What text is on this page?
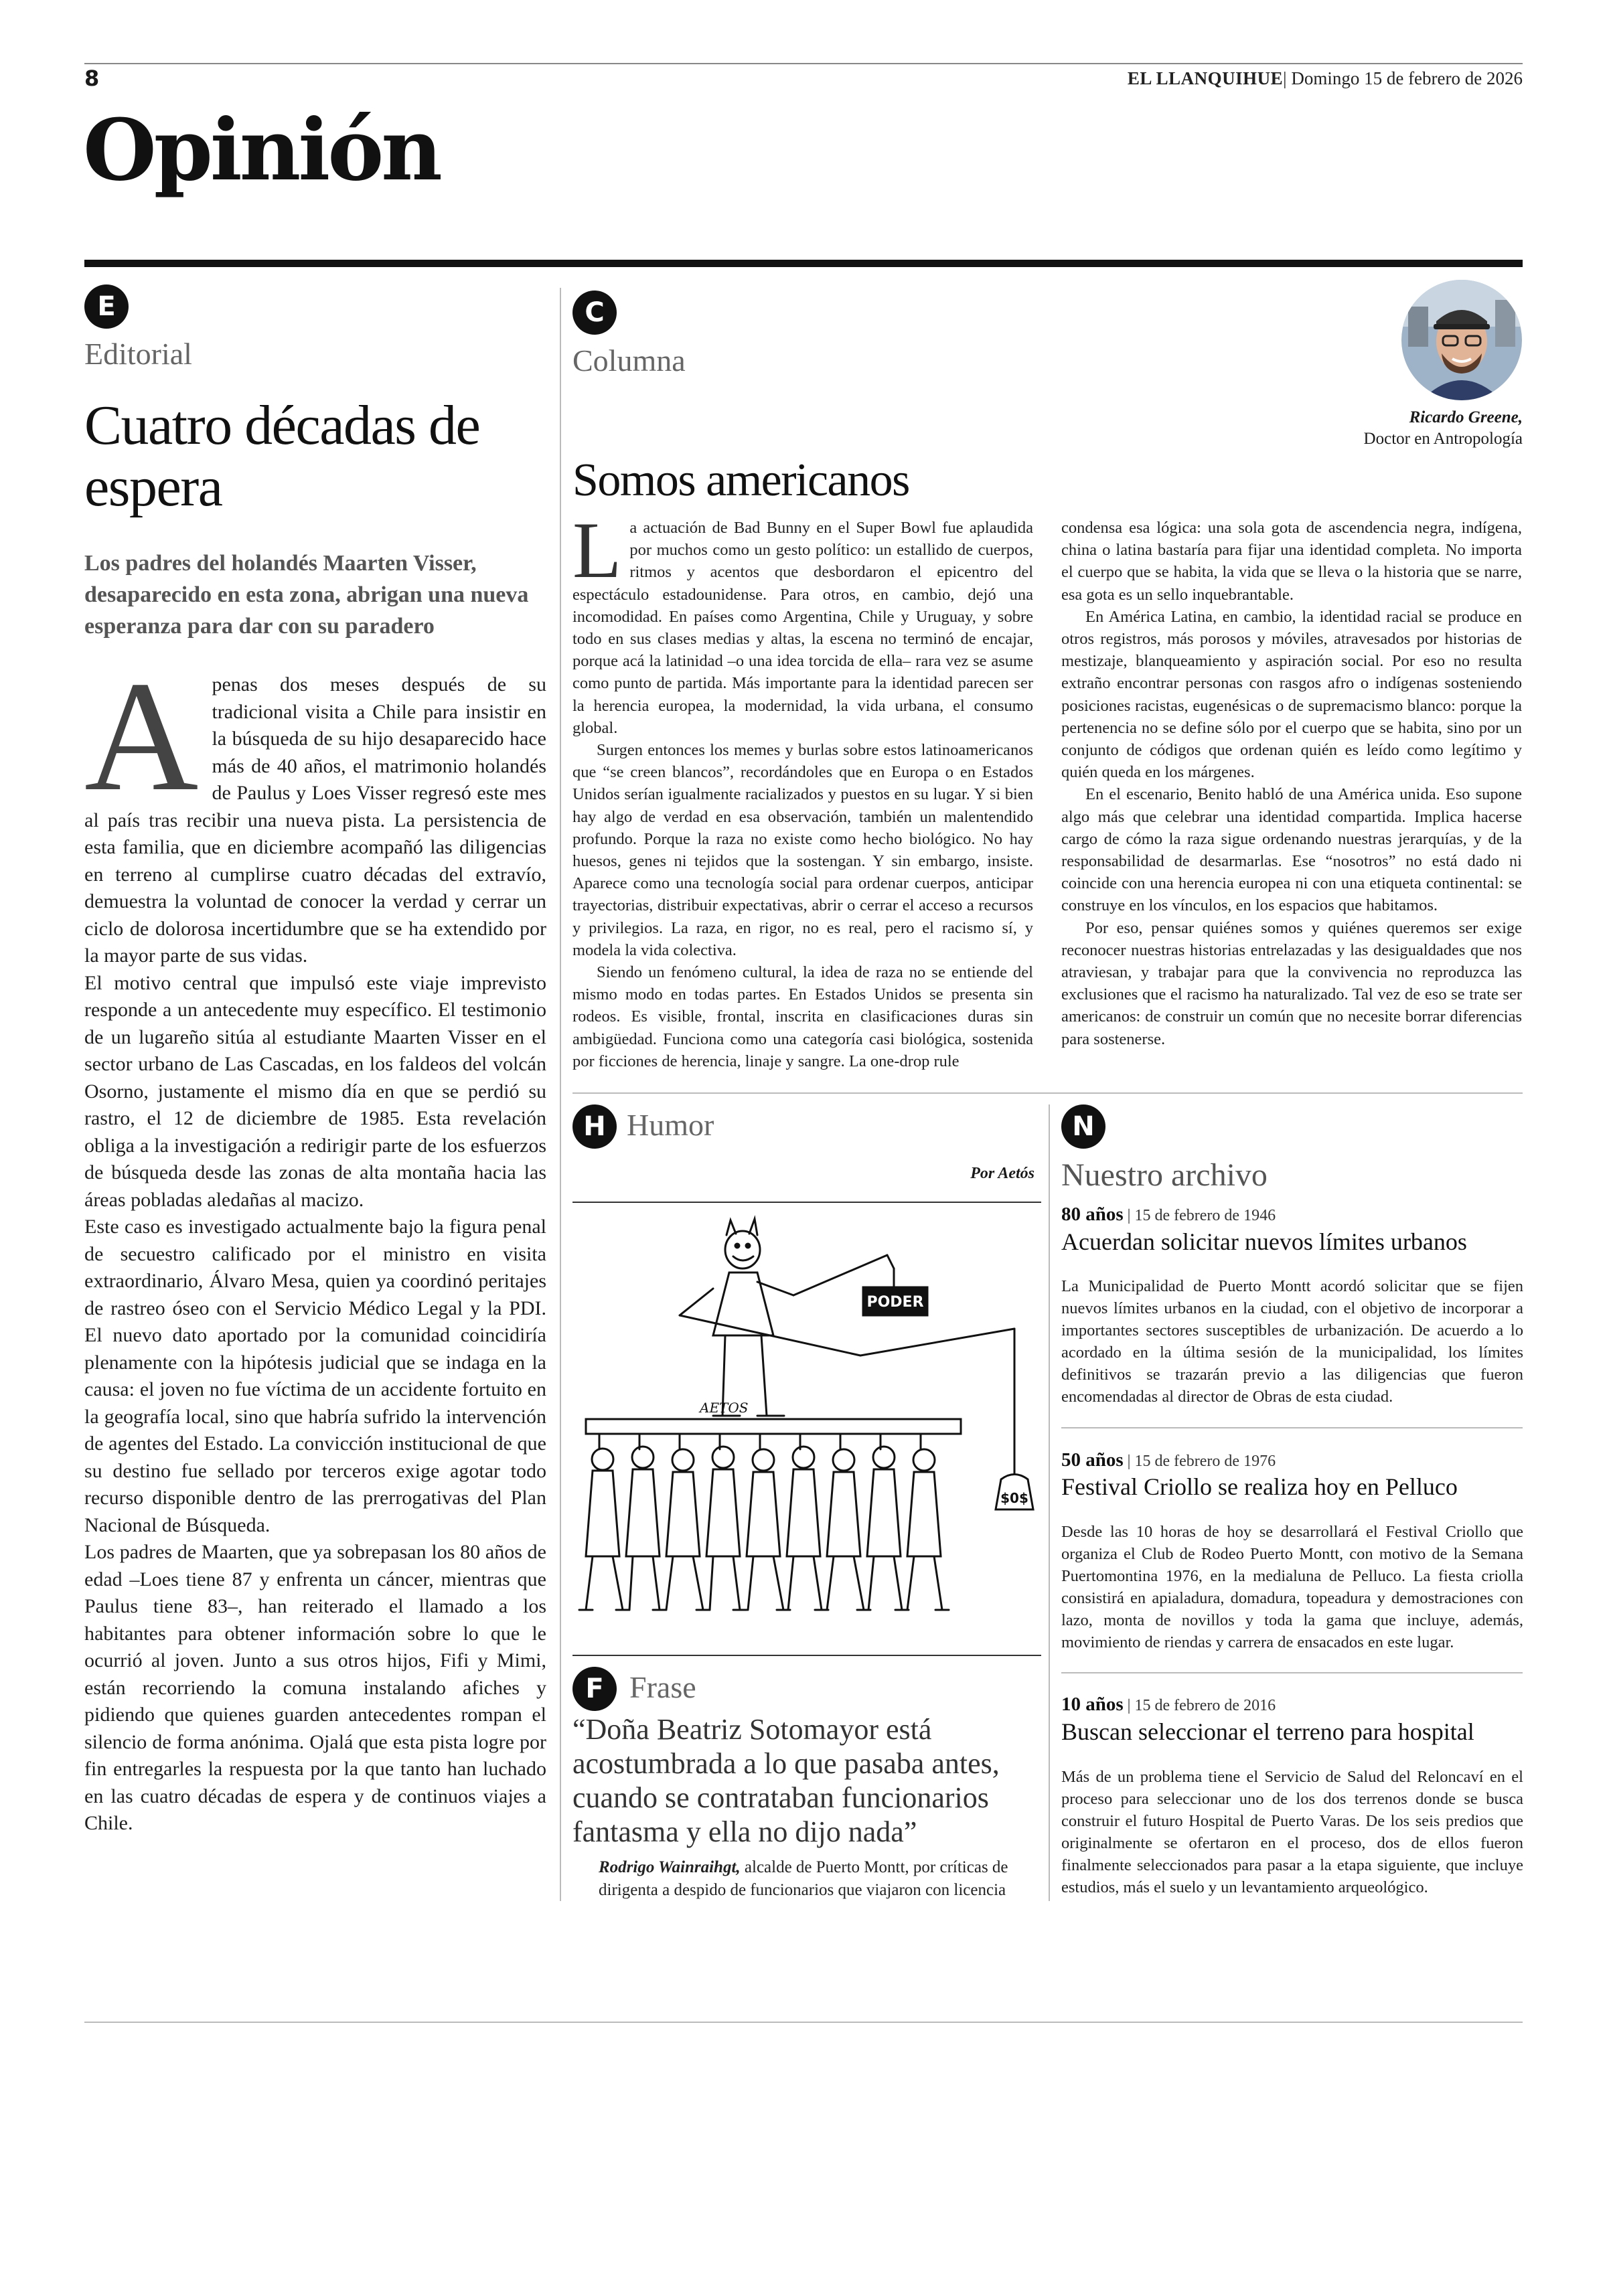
8	EL LLANQUIHUE| Domingo 15 de febrero de 2026
Opinión
E
Editorial
Cuatro décadas de espera
Los padres del holandés Maarten Visser, desaparecido en esta zona, abrigan una nueva esperanza para dar con su paradero

Apenas dos meses después de su tradicional visita a Chile para insistir en la búsqueda de su hijo desaparecido hace más de 40 años, el matrimonio holandés de Paulus y Loes Visser regresó este mes al país tras recibir una nueva pista. La persistencia de esta familia, que en diciembre acompañó las diligencias en terreno al cumplirse cuatro décadas del extravío, demuestra la voluntad de conocer la verdad y cerrar un ciclo de dolorosa incertidumbre que se ha extendido por la mayor parte de sus vidas.

El motivo central que impulsó este viaje imprevisto responde a un antecedente muy específico. El testimonio de un lugareño sitúa al estudiante Maarten Visser en el sector urbano de Las Cascadas, en los faldeos del volcán Osorno, justamente el mismo día en que se perdió su rastro, el 12 de diciembre de 1985. Esta revelación obliga a la investigación a redirigir parte de los esfuerzos de búsqueda desde las zonas de alta montaña hacia las áreas pobladas aledañas al macizo.

Este caso es investigado actualmente bajo la figura penal de secuestro calificado por el ministro en visita extraordinario, Álvaro Mesa, quien ya coordinó peritajes de rastreo óseo con el Servicio Médico Legal y la PDI. El nuevo dato aportado por la comunidad coincidiría plenamente con la hipótesis judicial que se indaga en la causa: el joven no fue víctima de un accidente fortuito en la geografía local, sino que habría sufrido la intervención de agentes del Estado. La convicción institucional de que su destino fue sellado por terceros exige agotar todo recurso disponible dentro de las prerrogativas del Plan Nacional de Búsqueda.

Los padres de Maarten, que ya sobrepasan los 80 años de edad –Loes tiene 87 y enfrenta un cáncer, mientras que Paulus tiene 83–, han reiterado el llamado a los habitantes para obtener información sobre lo que le ocurrió al joven. Junto a sus otros hijos, Fifi y Mimi, están recorriendo la comuna instalando afiches y pidiendo que quienes guarden antecedentes rompan el silencio de forma anónima. Ojalá que esta pista logre por fin entregarles la respuesta por la que tanto han luchado en las cuatro décadas de espera y de continuos viajes a Chile.

C
Columna
Ricardo Greene,
Doctor en Antropología
Somos americanos

La actuación de Bad Bunny en el Super Bowl fue aplaudida por muchos como un gesto político: un estallido de cuerpos, ritmos y acentos que desbordaron el epicentro del espectáculo estadounidense. Para otros, en cambio, dejó una incomodidad. En países como Argentina, Chile y Uruguay, y sobre todo en sus clases medias y altas, la escena no terminó de encajar, porque acá la latinidad –o una idea torcida de ella– rara vez se asume como punto de partida. Más importante para la identidad parecen ser la herencia europea, la modernidad, la vida urbana, el consumo global.

Surgen entonces los memes y burlas sobre estos latinoamericanos que “se creen blancos”, recordándoles que en Europa o en Estados Unidos serían igualmente racializados y puestos en su lugar. Y si bien hay algo de verdad en esa observación, también un malentendido profundo. Porque la raza no existe como hecho biológico. No hay huesos, genes ni tejidos que la sostengan. Y sin embargo, insiste. Aparece como una tecnología social para ordenar cuerpos, anticipar trayectorias, distribuir expectativas, abrir o cerrar el acceso a recursos y privilegios. La raza, en rigor, no es real, pero el racismo sí, y modela la vida colectiva.

Siendo un fenómeno cultural, la idea de raza no se entiende del mismo modo en todas partes. En Estados Unidos se presenta sin rodeos. Es visible, frontal, inscrita en clasificaciones duras sin ambigüedad. Funciona como una categoría casi biológica, sostenida por ficciones de herencia, linaje y sangre. La one-drop rule

condensa esa lógica: una sola gota de ascendencia negra, indígena, china o latina bastaría para fijar una identidad completa. No importa el cuerpo que se habita, la vida que se lleva o la historia que se narre, esa gota es un sello inquebrantable.

En América Latina, en cambio, la identidad racial se produce en otros registros, más porosos y móviles, atravesados por historias de mestizaje, blanqueamiento y aspiración social. Por eso no resulta extraño encontrar personas con rasgos afro o indígenas sosteniendo posiciones racistas, eugenésicas o de supremacismo blanco: porque la pertenencia no se define sólo por el cuerpo que se habita, sino por un conjunto de códigos que ordenan quién es leído como legítimo y quién queda en los márgenes.

En el escenario, Benito habló de una América unida. Eso supone algo más que celebrar una identidad compartida. Implica hacerse cargo de cómo la raza sigue ordenando nuestras jerarquías, y de la responsabilidad de desarmarlas. Ese “nosotros” no está dado ni coincide con una herencia europea ni con una etiqueta continental: se construye en los vínculos, en los espacios que habitamos.

Por eso, pensar quiénes somos y quiénes queremos ser exige reconocer nuestras historias entrelazadas y las desigualdades que nos atraviesan, y trabajar para que la convivencia no reproduzca las exclusiones que el racismo ha naturalizado. Tal vez de eso se trate ser americanos: de construir un común que no necesite borrar diferencias para sostenerse.

H Humor
Por Aetós
PODER
$0$
AETOS
F Frase
“Doña Beatriz Sotomayor está acostumbrada a lo que pasaba antes, cuando se contrataban funcionarios fantasma y ella no dijo nada”
Rodrigo Wainraihgt, alcalde de Puerto Montt, por críticas de dirigenta a despido de funcionarios que viajaron con licencia
N
Nuestro archivo
80 años | 15 de febrero de 1946
Acuerdan solicitar nuevos límites urbanos
La Municipalidad de Puerto Montt acordó solicitar que se fijen nuevos límites urbanos en la ciudad, con el objetivo de incorporar a importantes sectores susceptibles de urbanización. De acuerdo a lo acordado en la última sesión de la municipalidad, los límites definitivos se trazarán previo a las diligencias que fueron encomendadas al director de Obras de esta ciudad.
50 años | 15 de febrero de 1976
Festival Criollo se realiza hoy en Pelluco
Desde las 10 horas de hoy se desarrollará el Festival Criollo que organiza el Club de Rodeo Puerto Montt, con motivo de la Semana Puertomontina 1976, en la medialuna de Pelluco. La fiesta criolla consistirá en apialadura, domadura, topeadura y demostraciones con lazo, monta de novillos y toda la gama que incluye, además, movimiento de riendas y carrera de ensacados en este lugar.
10 años | 15 de febrero de 2016
Buscan seleccionar el terreno para hospital
Más de un problema tiene el Servicio de Salud del Reloncaví en el proceso para seleccionar uno de los dos terrenos donde se busca construir el futuro Hospital de Puerto Varas. De los seis predios que originalmente se ofertaron en el proceso, dos de ellos fueron finalmente seleccionados para pasar a la etapa siguiente, que incluye estudios, más el suelo y un levantamiento arqueológico.
